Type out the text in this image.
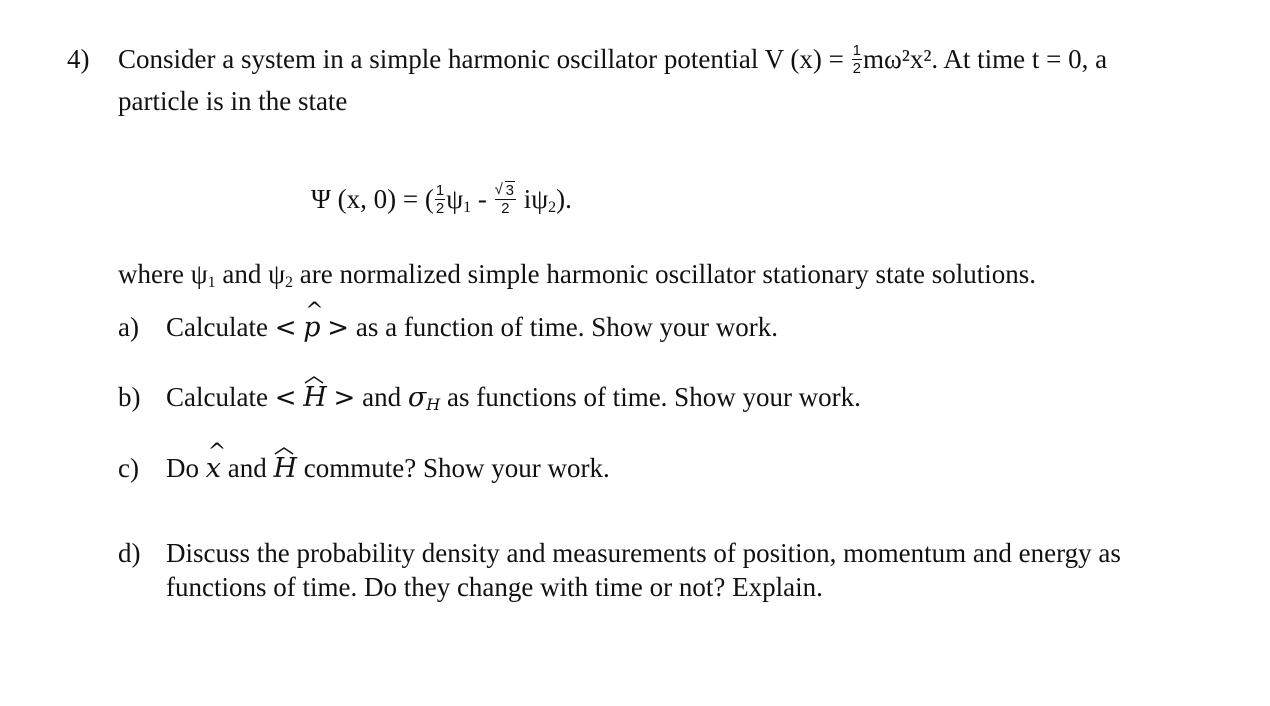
4) Consider a system in a simple harmonic oscillator potential V $(x) = \frac{1}{2} m\omega^2x^2$. At time t = 0, a
particle is in the state
Ψ (x, 0) = ( $\frac{1}{2} \psi_1$ - √ $\frac{3}{2} i\psi_2$).
where $\psi_1$ and $\psi_2$ are normalized simple harmonic oscillator stationary state solutions.
a) Calculate < ^ p > as a function of time. Show your work.
b) Calculate < H > and $\sigma_H$ as functions of time. Show your work.
c) Do ^ x and
H commute? Show your work.
d) Discuss the probability density and measurements of position, momentum and energy as
functions of time. Do they change with time or not? Explain.
